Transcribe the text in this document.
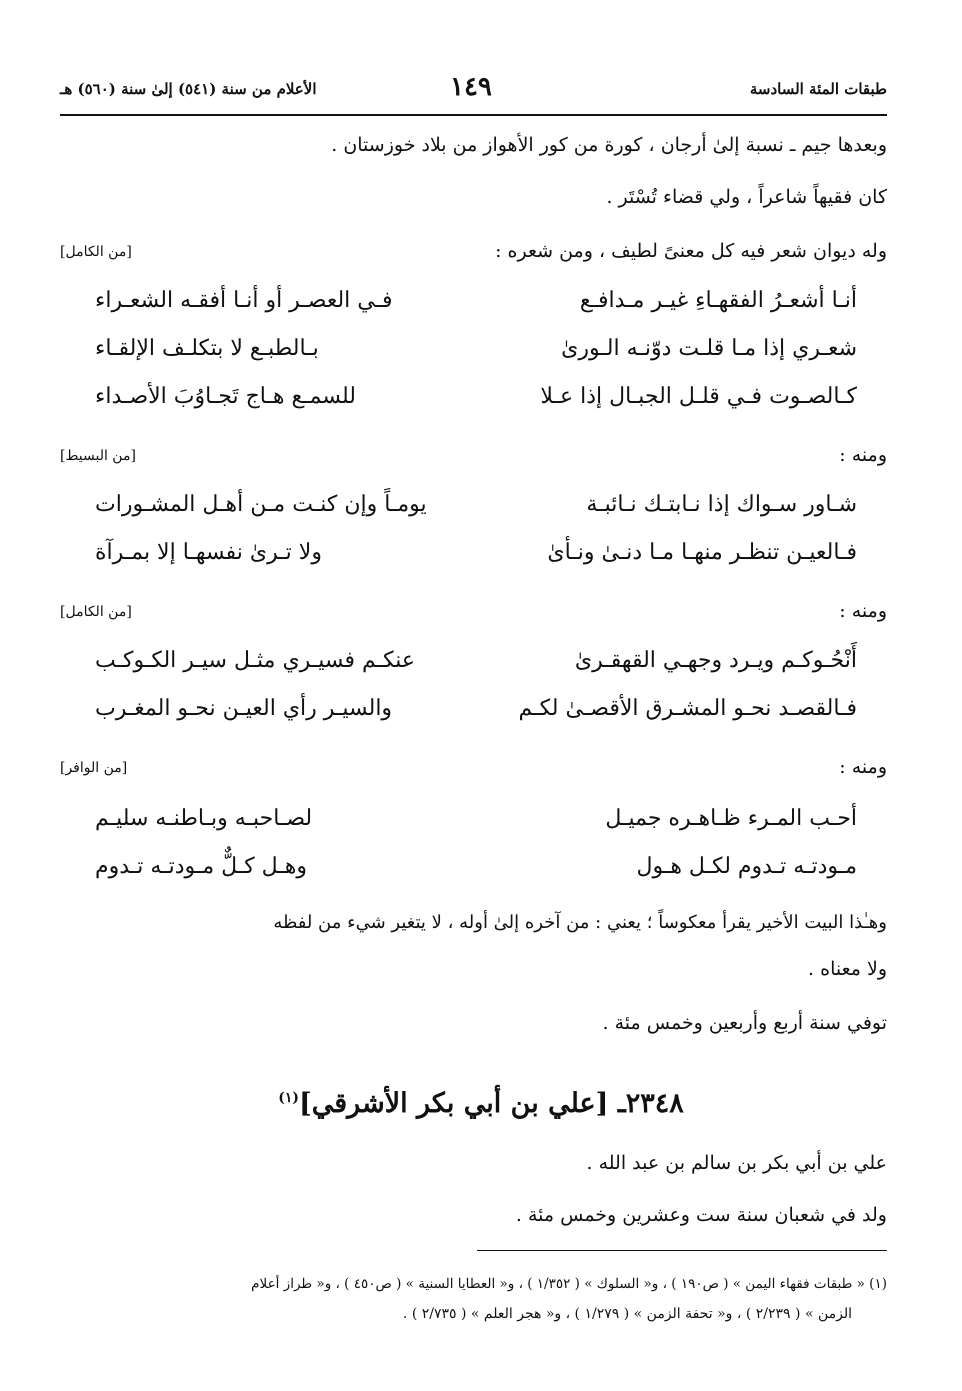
طبقات المئة السادسة
١٤٩
الأعلام من سنة (٥٤١) إلىٰ سنة (٥٦٠) هـ
وبعدها جيم ـ نسبة إلىٰ أرجان ، كورة من كور الأهواز من بلاد خوزستان .
كان فقيهاً شاعراً ، ولي قضاء تُسْتَر .
وله ديوان شعر فيه كل معنىً لطيف ، ومن شعره :
[من الكامل]
أنـا أشعـرُ الفقهـاءِ غيـر مـدافـع
فـي العصـر أو أنـا أفقـه الشعـراء
شعـري إذا مـا قلـت دوّنـه الـورىٰ
بـالطبـع لا بتكلـف الإلقـاء
كـالصـوت فـي قلـل الجبـال إذا عـلا
للسمـع هـاج تَجـاوُبَ الأصـداء
ومنه :
[من البسيط]
شـاور سـواك إذا نـابتـك نـائبـة
يومـاً وإن كنـت مـن أهـل المشـورات
فـالعيـن تنظـر منهـا مـا دنـىٰ ونـأىٰ
ولا تـرىٰ نفسهـا إلا بمـرآة
ومنه :
[من الكامل]
أَنْحُـوكـم ويـرد وجهـي القهقـرىٰ
عنكـم فسيـري مثـل سيـر الكـوكـب
فـالقصـد نحـو المشـرق الأقصـىٰ لكـم
والسيـر رأي العيـن نحـو المغـرب
ومنه :
[من الوافر]
أحـب المـرء ظـاهـره جميـل
لصـاحبـه وبـاطنـه سليـم
مـودتـه تـدوم لكـل هـول
وهـل كـلٌّ مـودتـه تـدوم
وهـٰذا البيت الأخير يقرأ معكوساً ؛ يعني : من آخره إلىٰ أوله ، لا يتغير شيء من لفظه
ولا معناه .
توفي سنة أربع وأربعين وخمس مئة .
٢٣٤٨ـ [علي بن أبي بكر الأشرقي]$^{(١)}$
علي بن أبي بكر بن سالم بن عبد الله .
ولد في شعبان سنة ست وعشرين وخمس مئة .
(١) « طبقات فقهاء اليمن » ( ص١٩٠ ) ، و« السلوك » ( ١/٣٥٢ ) ، و« العطايا السنية » ( ص٤٥٠ ) ، و« طراز أعلام
الزمن » ( ٢/٢٣٩ ) ، و« تحفة الزمن » ( ١/٢٧٩ ) ، و« هجر العلم » ( ٢/٧٣٥ ) .
